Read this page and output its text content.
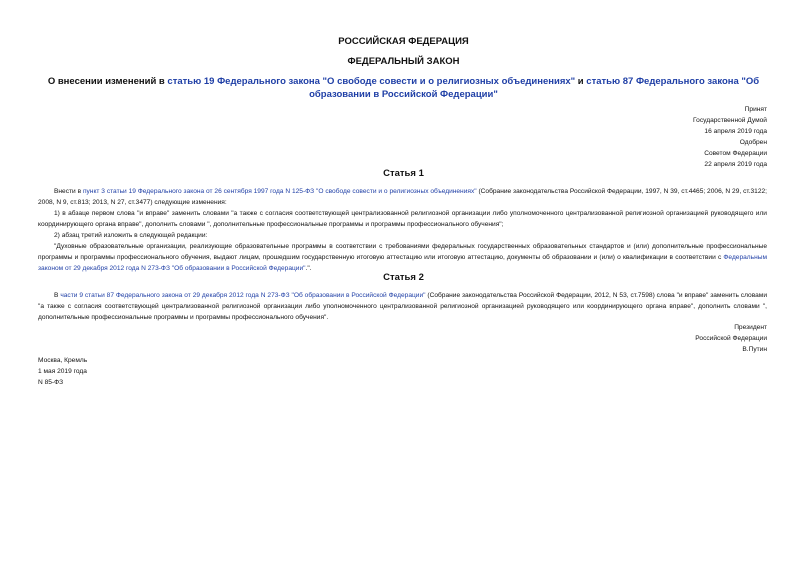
РОССИЙСКАЯ ФЕДЕРАЦИЯ
ФЕДЕРАЛЬНЫЙ ЗАКОН
О внесении изменений в статью 19 Федерального закона "О свободе совести и о религиозных объединениях" и статью 87 Федерального закона "Об образовании в Российской Федерации"
Принят
Государственной Думой
16 апреля 2019 года
Одобрен
Советом Федерации
22 апреля 2019 года
Статья 1

Внести в пункт 3 статьи 19 Федерального закона от 26 сентября 1997 года N 125-ФЗ "О свободе совести и о религиозных объединениях" (Собрание законодательства Российской Федерации, 1997, N 39, ст.4465; 2006, N 29, ст.3122; 2008, N 9, ст.813; 2013, N 27, ст.3477) следующие изменения:

1) в абзаце первом слова "и вправе" заменить словами "а также с согласия соответствующей централизованной религиозной организации либо уполномоченного централизованной религиозной организацией руководящего или координирующего органа вправе", дополнить словами ", дополнительные профессиональные программы и программы профессионального обучения";

2) абзац третий изложить в следующей редакции:

"Духовные образовательные организации, реализующие образовательные программы в соответствии с требованиями федеральных государственных образовательных стандартов и (или) дополнительные профессиональные программы и программы профессионального обучения, выдают лицам, прошедшим государственную итоговую аттестацию или итоговую аттестацию, документы об образовании и (или) о квалификации в соответствии с Федеральным законом от 29 декабря 2012 года N 273-ФЗ "Об образовании в Российской Федерации".".

Статья 2

В части 9 статьи 87 Федерального закона от 29 декабря 2012 года N 273-ФЗ "Об образовании в Российской Федерации" (Собрание законодательства Российской Федерации, 2012, N 53, ст.7598) слова "и вправе" заменить словами "а также с согласия соответствующей централизованной религиозной организации либо уполномоченного централизованной религиозной организацией руководящего или координирующего органа вправе", дополнить словами ", дополнительные профессиональные программы и программы профессионального обучения".

Президент
Российской Федерации
В.Путин
Москва, Кремль
1 мая 2019 года
N 85-ФЗ
